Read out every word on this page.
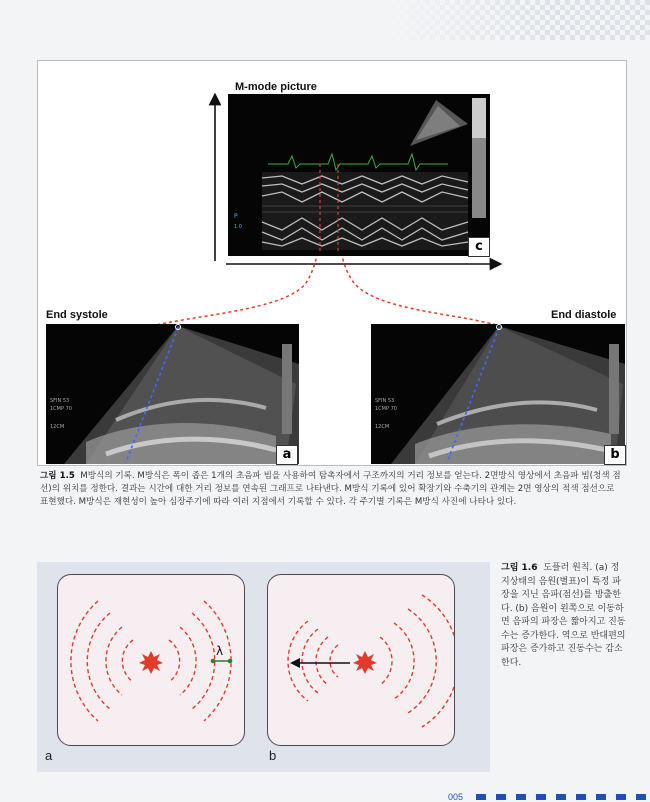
M-mode picture
P
1.0
c
End systole
SFIN 53
1CMP 70
12CM
a
End diastole
SFIN 53
1CMP 70
12CM
b
그림 1.5 M방식의 기록. M방식은 폭이 좁은 1개의 초음파 빔을 사용하여 탐촉자에서 구조까지의 거리 정보를 얻는다. 2면방식 영상에서 초음파 빔(청색 점선)의 위치를 정한다. 결과는 시간에 대한 거리 정보를 연속된 그래프로 나타낸다. M방식 기록에 있어 확장기와 수축기의 관계는 2면 영상의 적색 점선으로 표현했다. M방식은 재현성이 높아 심장주기에 따라 여러 지점에서 기록할 수 있다. 각 주기별 기록은 M방식 사진에 나타나 있다.
λ
a	b
그림 1.6 도플러 원칙. (a) 정지상태의 음원(별표)이 특정 파장을 지닌 음파(점선)를 방출한다. (b) 음원이 왼쪽으로 이동하면 음파의 파장은 짧아지고 진동수는 증가한다. 역으로 반대편의 파장은 증가하고 진동수는 감소한다.
005
